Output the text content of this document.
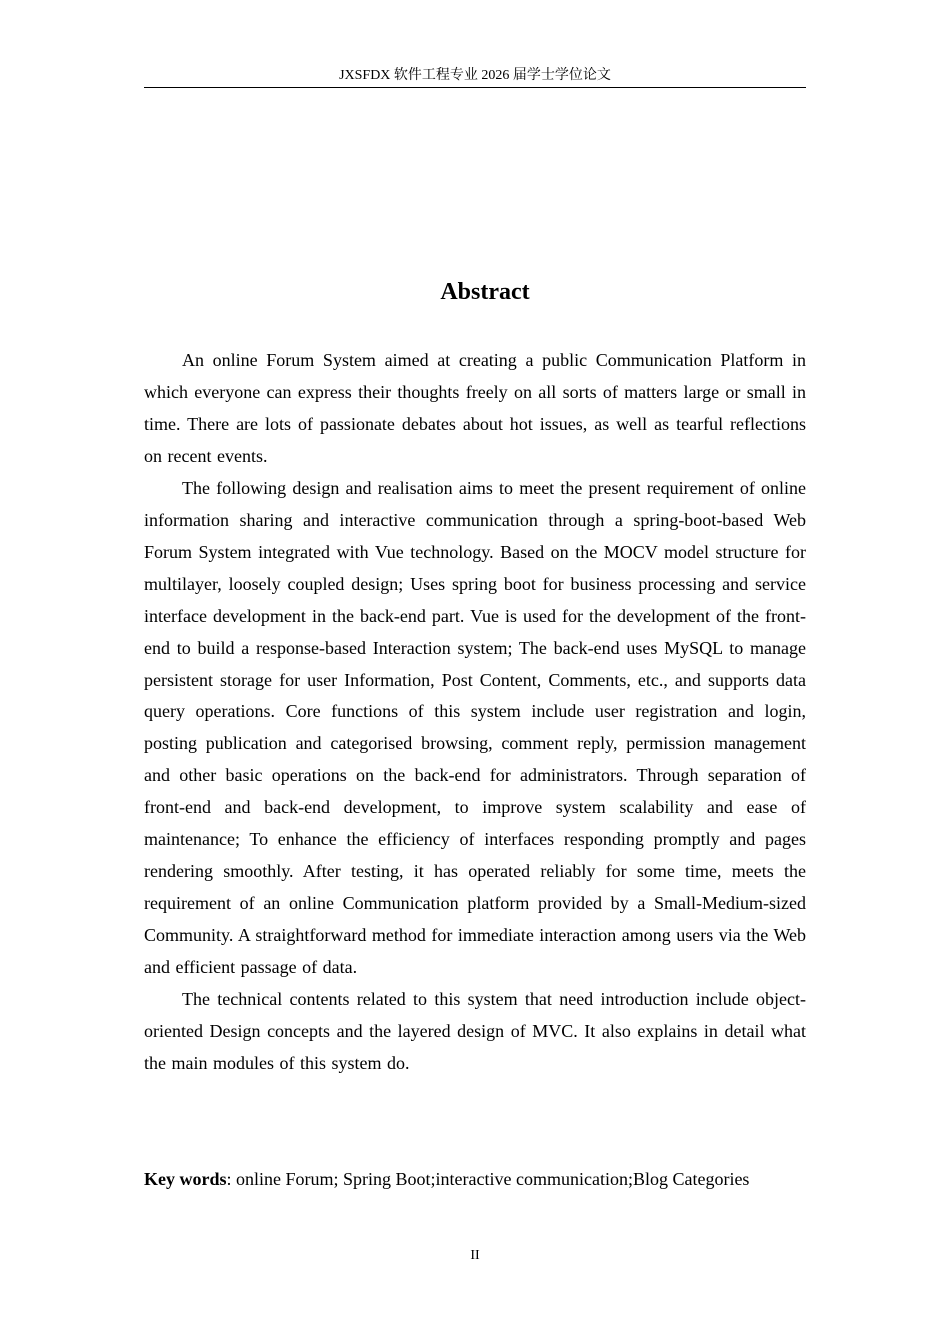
JXSFDX 软件工程专业 2026 届学士学位论文
Abstract

An online Forum System aimed at creating a public Communication Platform in which everyone can express their thoughts freely on all sorts of matters large or small in time. There are lots of passionate debates about hot issues, as well as tearful reflections on recent events.

The following design and realisation aims to meet the present requirement of online information sharing and interactive communication through a spring-boot-based Web Forum System integrated with Vue technology. Based on the MOCV model structure for multilayer, loosely coupled design; Uses spring boot for business processing and service interface development in the back-end part. Vue is used for the development of the front-end to build a response-based Interaction system; The back-end uses MySQL to manage persistent storage for user Information, Post Content, Comments, etc., and supports data query operations. Core functions of this system include user registration and login, posting publication and categorised browsing, comment reply, permission management and other basic operations on the back-end for administrators. Through separation of front-end and back-end development, to improve system scalability and ease of maintenance; To enhance the efficiency of interfaces responding promptly and pages rendering smoothly. After testing, it has operated reliably for some time, meets the requirement of an online Communication platform provided by a Small-Medium-sized Community. A straightforward method for immediate interaction among users via the Web and efficient passage of data.

The technical contents related to this system that need introduction include object-oriented Design concepts and the layered design of MVC. It also explains in detail what the main modules of this system do.

Key words: online Forum; Spring Boot;interactive communication;Blog Categories

II
